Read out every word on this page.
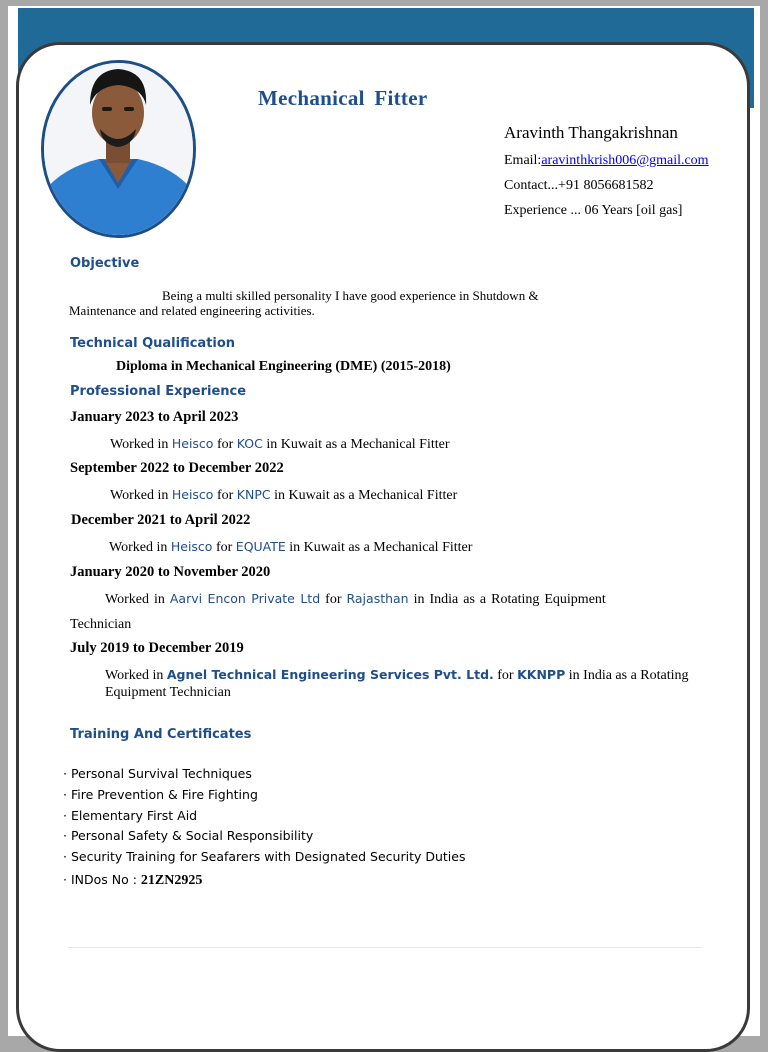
Mechanical Fitter
Aravinth Thangakrishnan
Email:aravinthkrish006@gmail.com
Contact...+91 8056681582
Experience ... 06 Years [oil gas]
Objective
Being a multi skilled personality I have good experience in Shutdown &
Maintenance and related engineering activities.
Technical Qualification
Diploma in Mechanical Engineering (DME) (2015-2018)
Professional Experience
January 2023 to April 2023
Worked in Heisco for KOC in Kuwait as a Mechanical Fitter
September 2022 to December 2022
Worked in Heisco for KNPC in Kuwait as a Mechanical Fitter
December 2021 to April 2022
Worked in Heisco for EQUATE in Kuwait as a Mechanical Fitter
January 2020 to November 2020
Worked in Aarvi Encon Private Ltd for Rajasthan in India as a Rotating Equipment
Technician
July 2019 to December 2019
Worked in Agnel Technical Engineering Services Pvt. Ltd. for KKNPP in India as a Rotating
Equipment Technician
Training And Certificates
· Personal Survival Techniques
· Fire Prevention & Fire Fighting
· Elementary First Aid
· Personal Safety & Social Responsibility
· Security Training for Seafarers with Designated Security Duties
· INDos No : 21ZN2925
